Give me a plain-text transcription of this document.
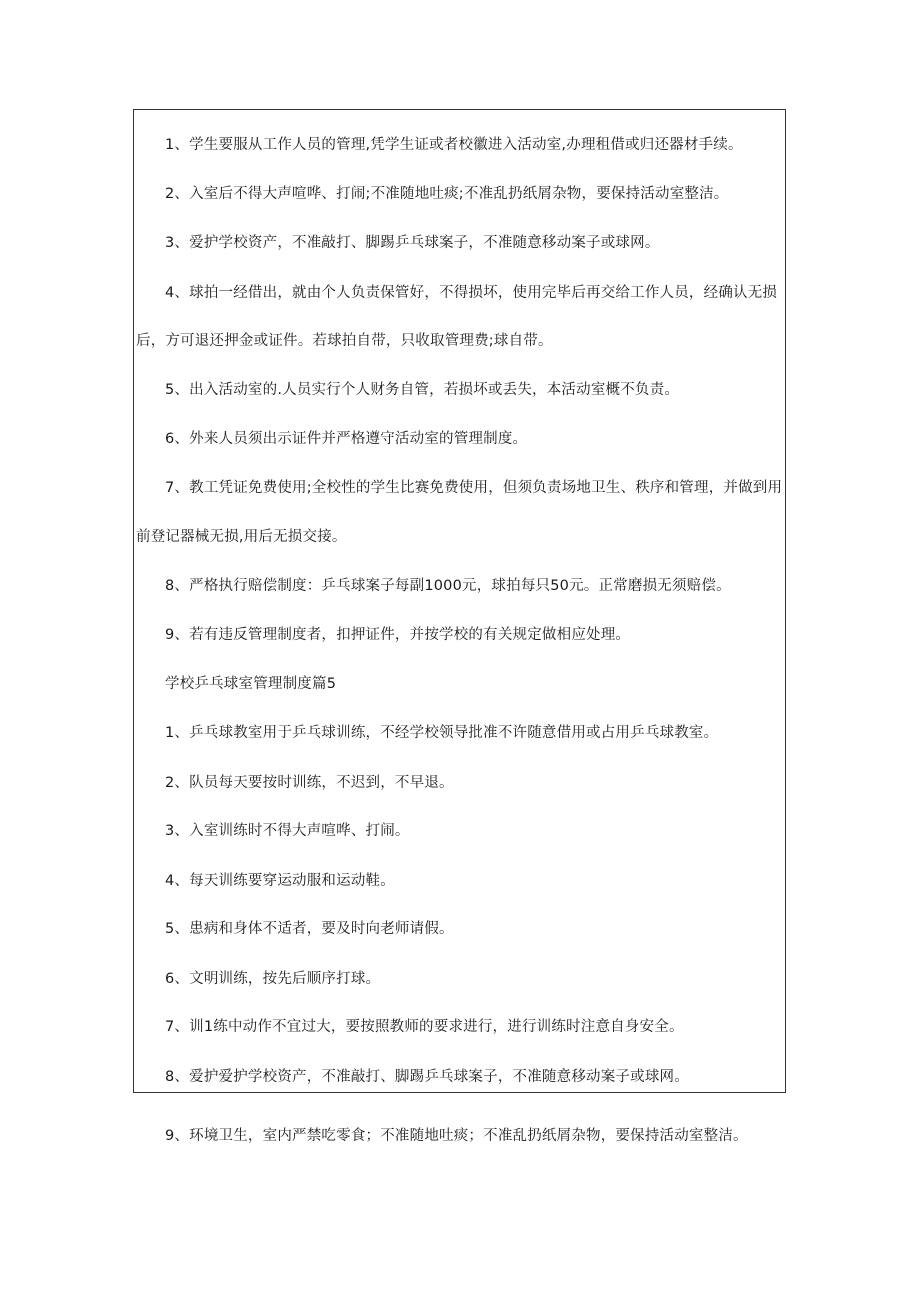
1、学生要服从工作人员的管理,凭学生证或者校徽进入活动室,办理租借或归还器材手续。
2、入室后不得大声喧哗、打闹;不准随地吐痰;不准乱扔纸屑杂物，要保持活动室整洁。
3、爱护学校资产，不准敲打、脚踢乒乓球案子，不准随意移动案子或球网。
4、球拍一经借出，就由个人负责保管好，不得损坏，使用完毕后再交给工作人员，经确认无损
后，方可退还押金或证件。若球拍自带，只收取管理费;球自带。
5、出入活动室的.人员实行个人财务自管，若损坏或丢失，本活动室概不负责。
6、外来人员须出示证件并严格遵守活动室的管理制度。
7、教工凭证免费使用;全校性的学生比赛免费使用，但须负责场地卫生、秩序和管理，并做到用
前登记器械无损,用后无损交接。
8、严格执行赔偿制度：乒乓球案子每副1000元，球拍每只50元。正常磨损无须赔偿。
9、若有违反管理制度者，扣押证件，并按学校的有关规定做相应处理。
学校乒乓球室管理制度篇5
1、乒乓球教室用于乒乓球训练，不经学校领导批准不许随意借用或占用乒乓球教室。
2、队员每天要按时训练，不迟到，不早退。
3、入室训练时不得大声喧哗、打闹。
4、每天训练要穿运动服和运动鞋。
5、患病和身体不适者，要及时向老师请假。
6、文明训练，按先后顺序打球。
7、训1练中动作不宜过大，要按照教师的要求进行，进行训练时注意自身安全。
8、爱护爱护学校资产，不准敲打、脚踢乒乓球案子，不准随意移动案子或球网。
9、环境卫生，室内严禁吃零食；不准随地吐痰；不准乱扔纸屑杂物，要保持活动室整洁。
